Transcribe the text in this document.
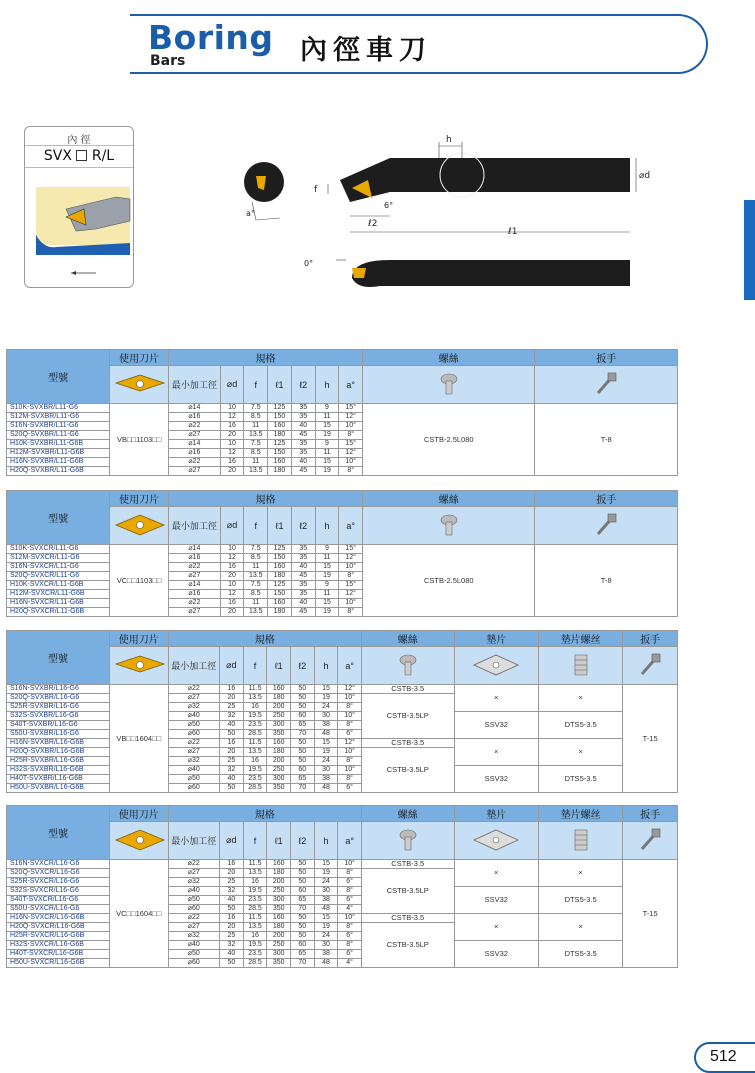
Boring
Bars	內徑車刀
內 徑
SVX R/L
a°
h
⌀d
f
6°
ℓ2
ℓ1
0°
型號	使用刀片	規格							螺絲	扳手
	最小加工徑	⌀d	f	ℓ1	ℓ2	h	a°		
S10K-SVXBR/L11-G6	VB□□1103□□	⌀14	10	7.5	125	35	9	15°	CSTB-2.5L080	T-8
S12M-SVXBR/L11-G6		⌀16	12	8.5	150	35	11	12°		
S16N-SVXBR/L11-G6		⌀22	16	11	160	40	15	10°		
S20Q-SVXBR/L11-G6		⌀27	20	13.5	180	45	19	8°		
H10K-SVXBR/L11-G6B		⌀14	10	7.5	125	35	9	15°		
H12M-SVXBR/L11-G6B		⌀16	12	8.5	150	35	11	12°		
H16N-SVXBR/L11-G6B		⌀22	16	11	160	40	15	10°		
H20Q-SVXBR/L11-G6B		⌀27	20	13.5	180	45	19	8°		
型號	使用刀片	規格							螺絲	扳手
	最小加工徑	⌀d	f	ℓ1	ℓ2	h	a°		
S10K-SVXCR/L11-G6	VC□□1103□□	⌀14	10	7.5	125	35	9	15°	CSTB-2.5L080	T-8
S12M-SVXCR/L11-G6		⌀16	12	8.5	150	35	11	12°		
S16N-SVXCR/L11-G6		⌀22	16	11	160	40	15	10°		
S20Q-SVXCR/L11-G6		⌀27	20	13.5	180	45	19	8°		
H10K-SVXCR/L11-G6B		⌀14	10	7.5	125	35	9	15°		
H12M-SVXCR/L11-G6B		⌀16	12	8.5	150	35	11	12°		
H16N-SVXCR/L11-G6B		⌀22	16	11	160	40	15	10°		
H20Q-SVXCR/L11-G6B		⌀27	20	13.5	180	45	19	8°		
型號	使用刀片	規格							螺絲	墊片	墊片螺丝	扳手
	最小加工徑	⌀d	f	ℓ1	ℓ2	h	a°				
S16N-SVXBR/L16-G6	VB□□1604□□	⌀22	16	11.5	160	50	15	12°	CSTB-3.5	×	×	T-15
S20Q-SVXBR/L16-G6		⌀27	20	13.5	180	50	19	10°	CSTB-3.5LP			
S25R-SVXBR/L16-G6		⌀32	25	16	200	50	24	8°				
S32S-SVXBR/L16-G6		⌀40	32	19.5	250	60	30	10°		SSV32	DTS5-3.5	
S40T-SVXBR/L16-G6		⌀50	40	23.5	300	65	38	8°				
S50U-SVXBR/L16-G6		⌀60	50	28.5	350	70	48	6°				
H16N-SVXBR/L16-G6B		⌀22	16	11.5	160	50	15	12°	CSTB-3.5	×	×	
H20Q-SVXBR/L16-G6B		⌀27	20	13.5	180	50	19	10°	CSTB-3.5LP			
H25R-SVXBR/L16-G6B		⌀32	25	16	200	50	24	8°				
H32S-SVXBR/L16-G6B		⌀40	32	19.5	250	60	30	10°		SSV32	DTS5-3.5	
H40T-SVXBR/L16-G6B		⌀50	40	23.5	300	65	38	8°				
H50U-SVXBR/L16-G6B		⌀60	50	28.5	350	70	48	6°				
型號	使用刀片	規格							螺絲	墊片	墊片螺丝	扳手
	最小加工徑	⌀d	f	ℓ1	ℓ2	h	a°				
S16N-SVXCR/L16-G6	VC□□1604□□	⌀22	16	11.5	160	50	15	10°	CSTB-3.5	×	×	T-15
S20Q-SVXCR/L16-G6		⌀27	20	13.5	180	50	19	8°	CSTB-3.5LP			
S25R-SVXCR/L16-G6		⌀32	25	16	200	50	24	6°				
S32S-SVXCR/L16-G6		⌀40	32	19.5	250	60	30	8°		SSV32	DTS5-3.5	
S40T-SVXCR/L16-G6		⌀50	40	23.5	300	65	38	6°				
S50U-SVXCR/L16-G6		⌀60	50	28.5	350	70	48	4°				
H16N-SVXCR/L16-G6B		⌀22	16	11.5	160	50	15	10°	CSTB-3.5	×	×	
H20Q-SVXCR/L16-G6B		⌀27	20	13.5	180	50	19	8°	CSTB-3.5LP			
H25R-SVXCR/L16-G6B		⌀32	25	16	200	50	24	6°				
H32S-SVXCR/L16-G6B		⌀40	32	19.5	250	60	30	8°		SSV32	DTS5-3.5	
H40T-SVXCR/L16-G6B		⌀50	40	23.5	300	65	38	6°				
H50U-SVXCR/L16-G6B		⌀60	50	28.5	350	70	48	4°				
512
